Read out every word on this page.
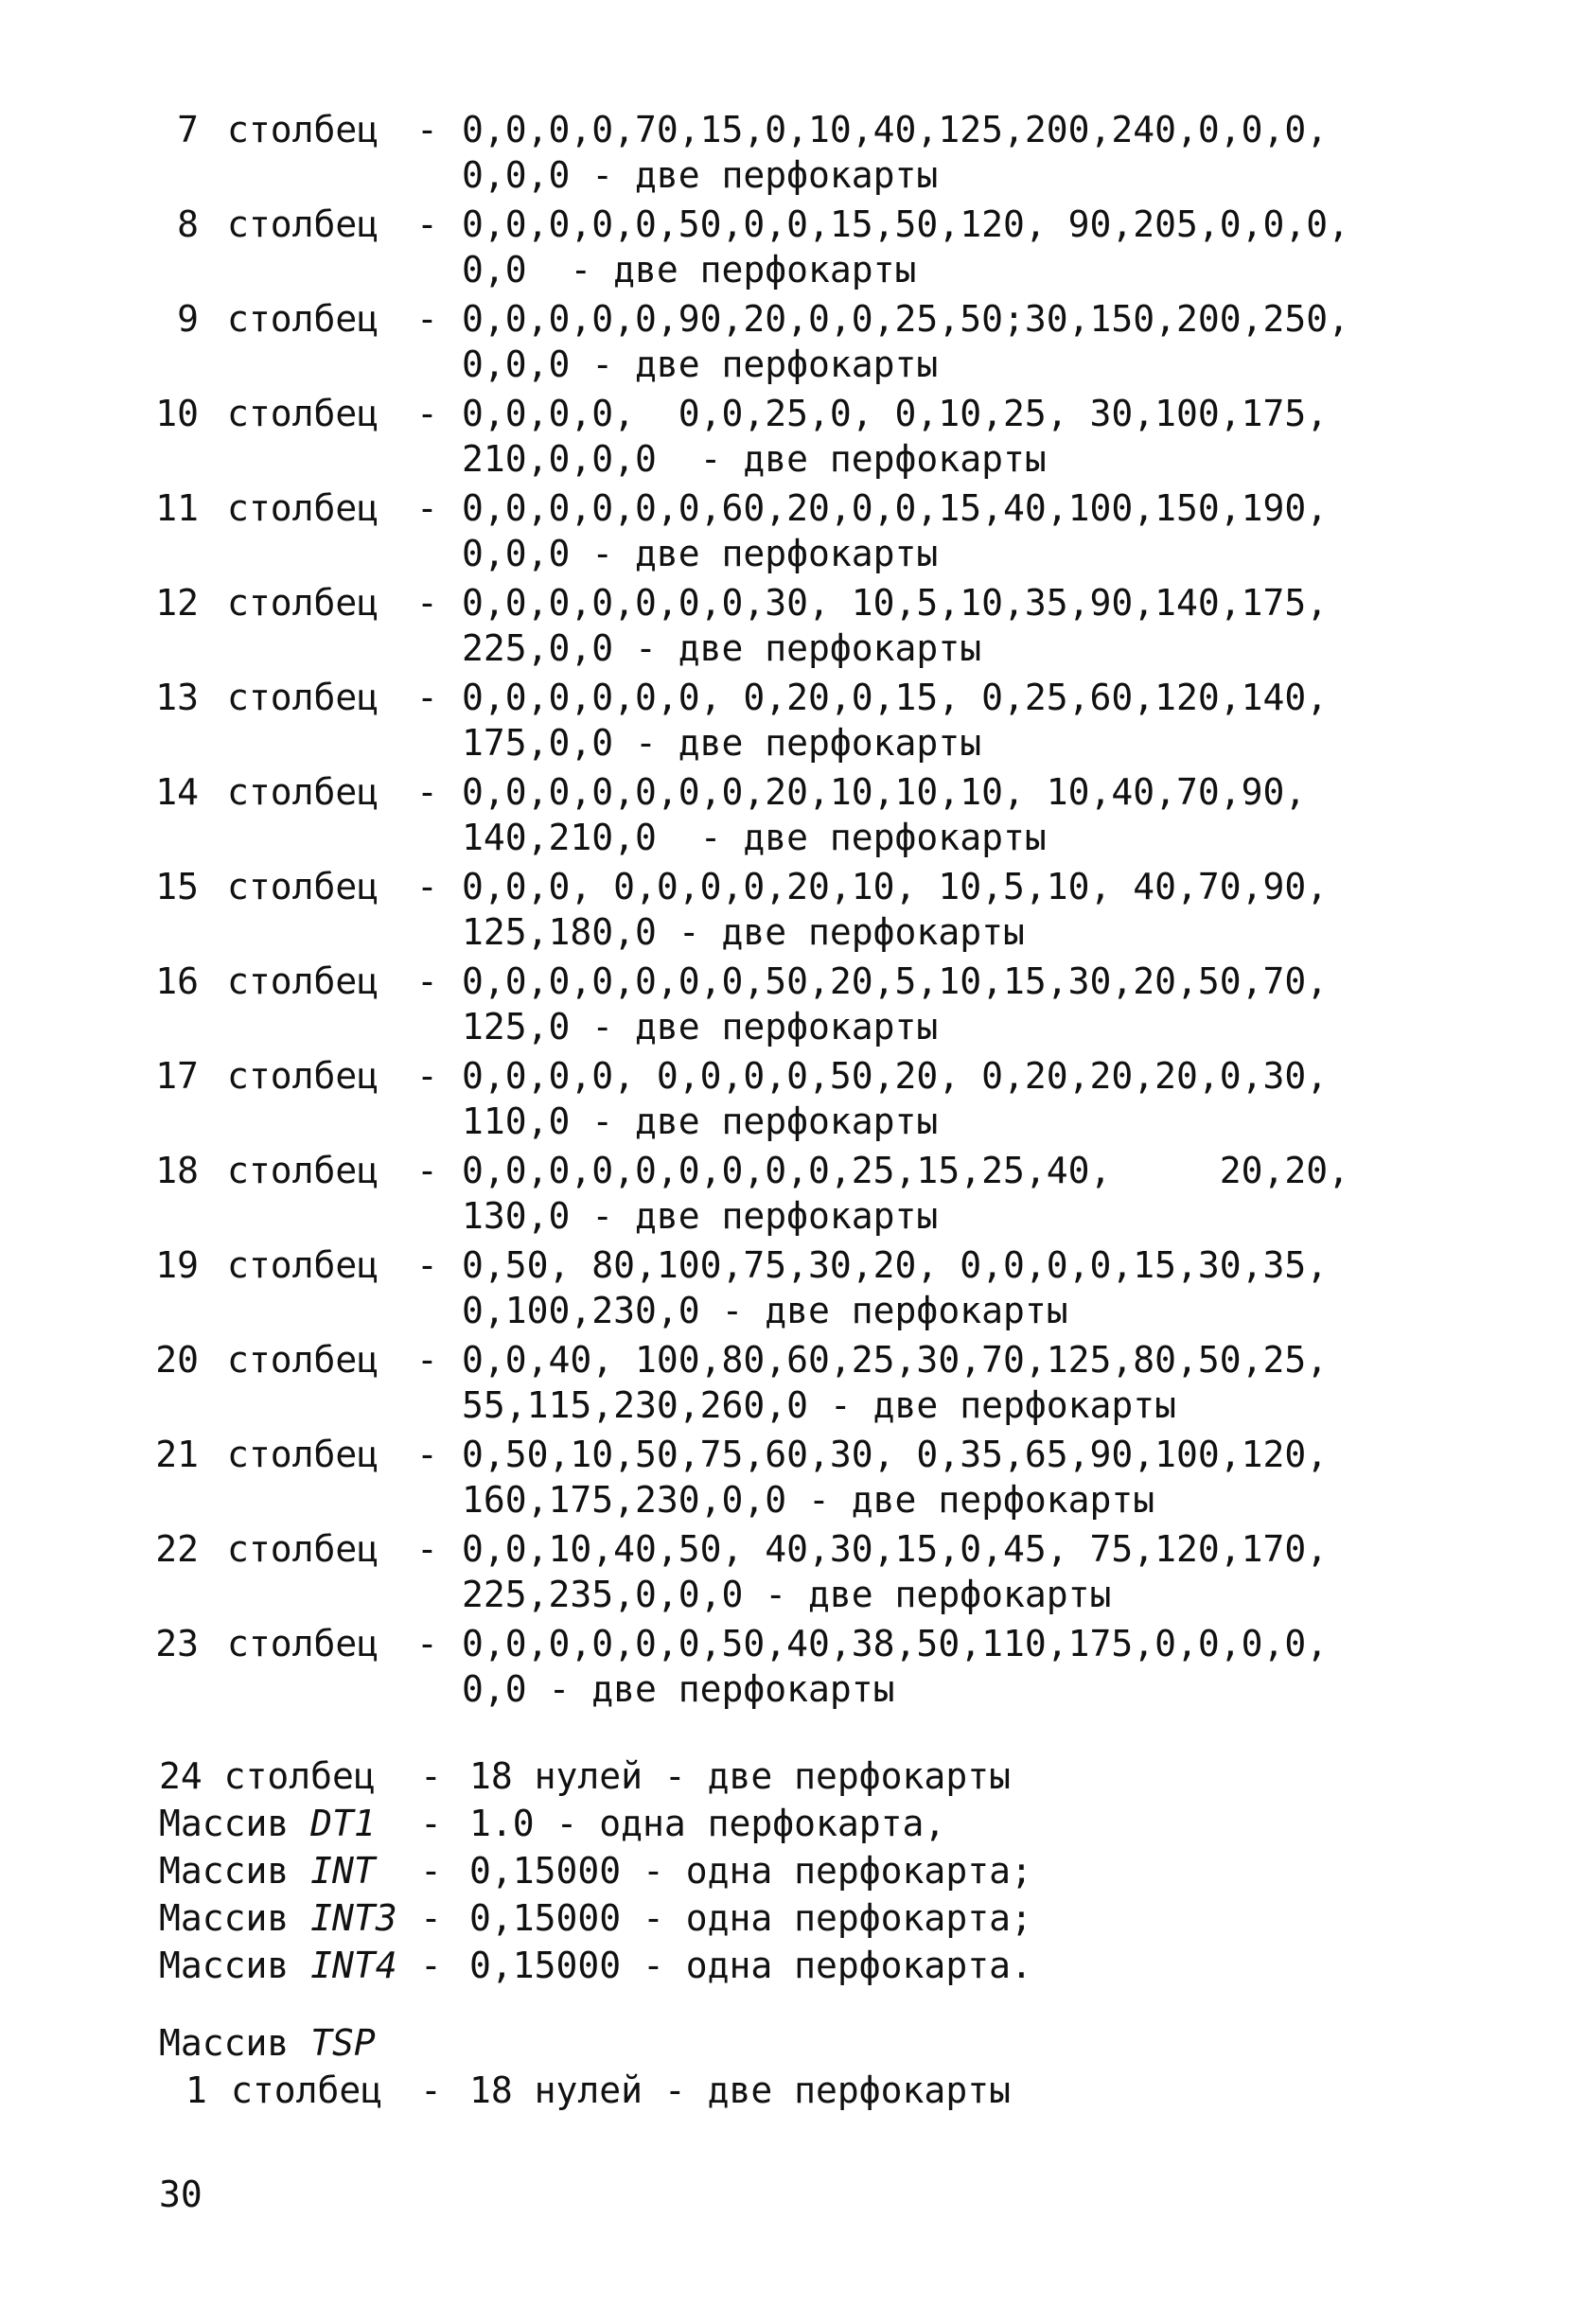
7 столбец - 0,0,0,0,70,15,0,10,40,125,200,240,0,0,0,
0,0,0 - две перфокарты
8 столбец - 0,0,0,0,0,50,0,0,15,50,120, 90,205,0,0,0,
0,0  - две перфокарты
9 столбец - 0,0,0,0,0,90,20,0,0,25,50;30,150,200,250,
0,0,0 - две перфокарты
10 столбец - 0,0,0,0,  0,0,25,0, 0,10,25, 30,100,175,
210,0,0,0  - две перфокарты
11 столбец - 0,0,0,0,0,0,60,20,0,0,15,40,100,150,190,
0,0,0 - две перфокарты
12 столбец - 0,0,0,0,0,0,0,30, 10,5,10,35,90,140,175,
225,0,0 - две перфокарты
13 столбец - 0,0,0,0,0,0, 0,20,0,15, 0,25,60,120,140,
175,0,0 - две перфокарты
14 столбец - 0,0,0,0,0,0,0,20,10,10,10, 10,40,70,90,
140,210,0  - две перфокарты
15 столбец - 0,0,0, 0,0,0,0,20,10, 10,5,10, 40,70,90,
125,180,0 - две перфокарты
16 столбец - 0,0,0,0,0,0,0,50,20,5,10,15,30,20,50,70,
125,0 - две перфокарты
17 столбец - 0,0,0,0, 0,0,0,0,50,20, 0,20,20,20,0,30,
110,0 - две перфокарты
18 столбец - 0,0,0,0,0,0,0,0,0,25,15,25,40,     20,20,
130,0 - две перфокарты
19 столбец - 0,50, 80,100,75,30,20, 0,0,0,0,15,30,35,
0,100,230,0 - две перфокарты
20 столбец - 0,0,40, 100,80,60,25,30,70,125,80,50,25,
55,115,230,260,0 - две перфокарты
21 столбец - 0,50,10,50,75,60,30, 0,35,65,90,100,120,
160,175,230,0,0 - две перфокарты
22 столбец - 0,0,10,40,50, 40,30,15,0,45, 75,120,170,
225,235,0,0,0 - две перфокарты
23 столбец - 0,0,0,0,0,0,50,40,38,50,110,175,0,0,0,0,
0,0 - две перфокарты
24 столбец - 18 нулей - две перфокарты
Массив DT1 - 1.0 - одна перфокарта,
Массив INT - 0,15000 - одна перфокарта;
Массив INT3 - 0,15000 - одна перфокарта;
Массив INT4 - 0,15000 - одна перфокарта.
Массив TSP
1 столбец - 18 нулей - две перфокарты
30
